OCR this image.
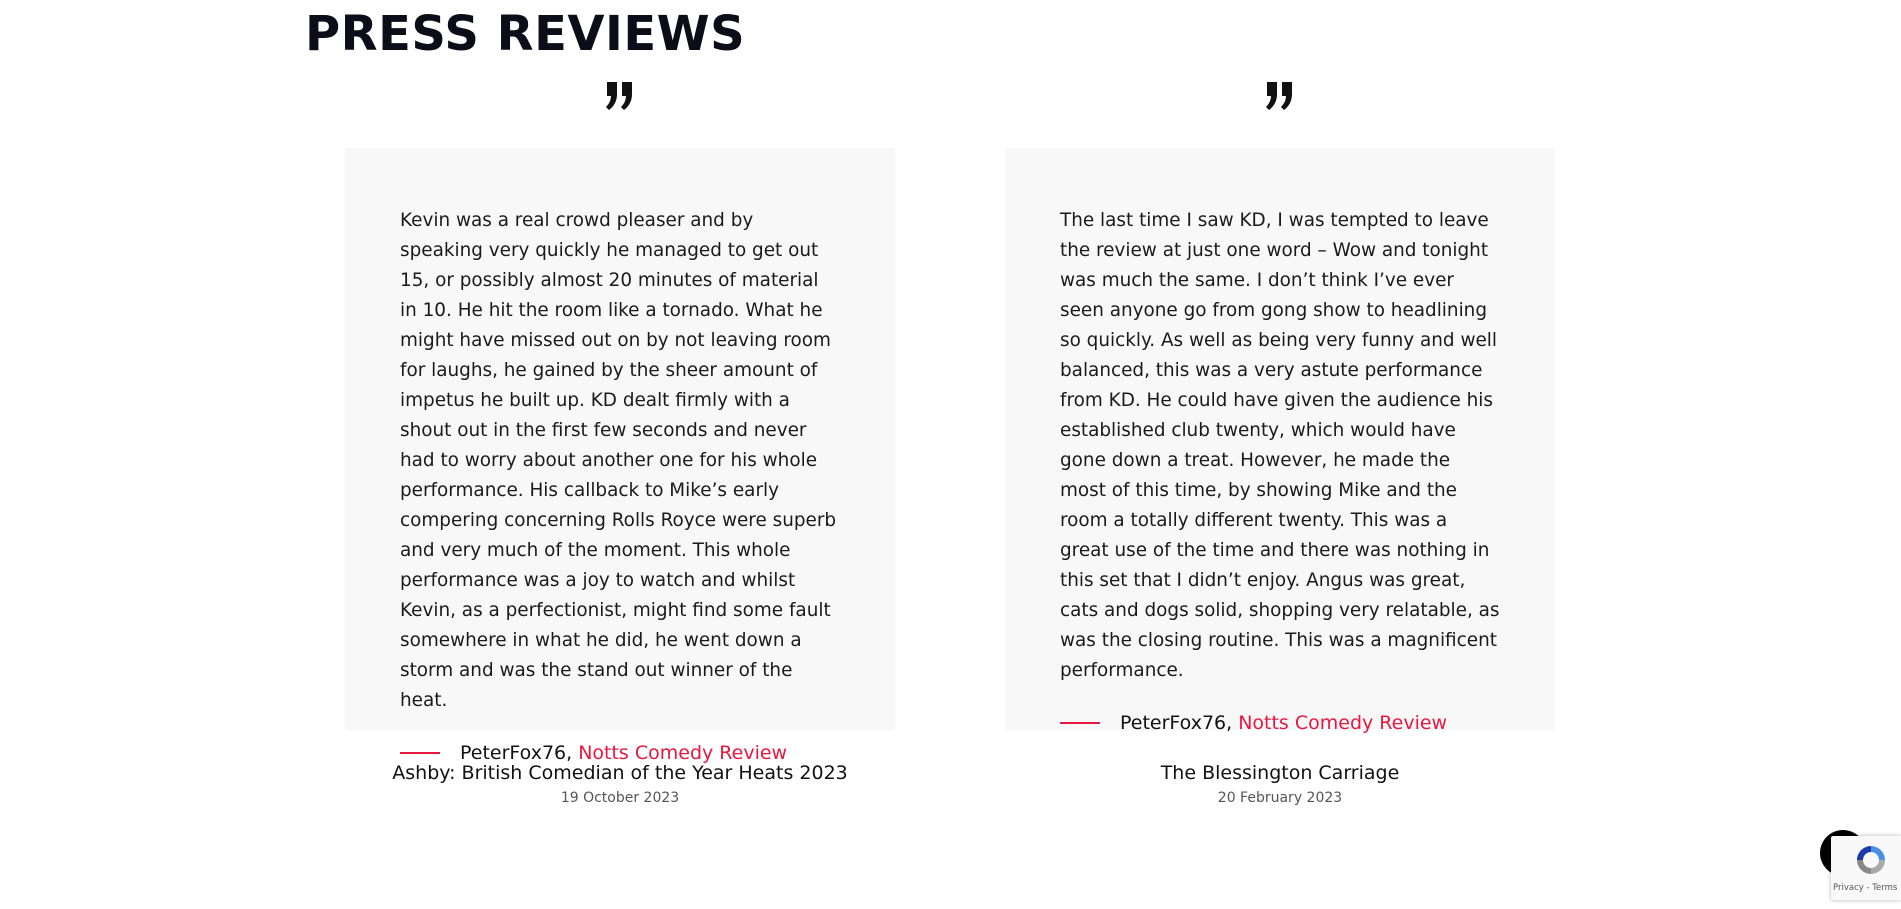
PRESS REVIEWS

Kevin was a real crowd pleaser and by speaking very quickly he managed to get out 15, or possibly almost 20 minutes of material in 10. He hit the room like a tornado. What he might have missed out on by not leaving room for laughs, he gained by the sheer amount of impetus he built up. KD dealt firmly with a shout out in the first few seconds and never had to worry about another one for his whole performance. His callback to Mike’s early compering concerning Rolls Royce were superb and very much of the moment. This whole performance was a joy to watch and whilst Kevin, as a perfectionist, might find some fault somewhere in what he did, he went down a storm and was the stand out winner of the heat.

PeterFox76 , Notts Comedy Review

Ashby: British Comedian of the Year Heats 2023

19 October 2023

The last time I saw KD, I was tempted to leave the review at just one word – Wow and tonight was much the same. I don’t think I’ve ever seen anyone go from gong show to headlining so quickly. As well as being very funny and well balanced, this was a very astute performance from KD. He could have given the audience his established club twenty, which would have gone down a treat. However, he made the most of this time, by showing Mike and the room a totally different twenty. This was a great use of the time and there was nothing in this set that I didn’t enjoy. Angus was great, cats and dogs solid, shopping very relatable, as was the closing routine. This was a magnificent performance.

PeterFox76 , Notts Comedy Review

The Blessington Carriage

20 February 2023

Privacy - Terms
